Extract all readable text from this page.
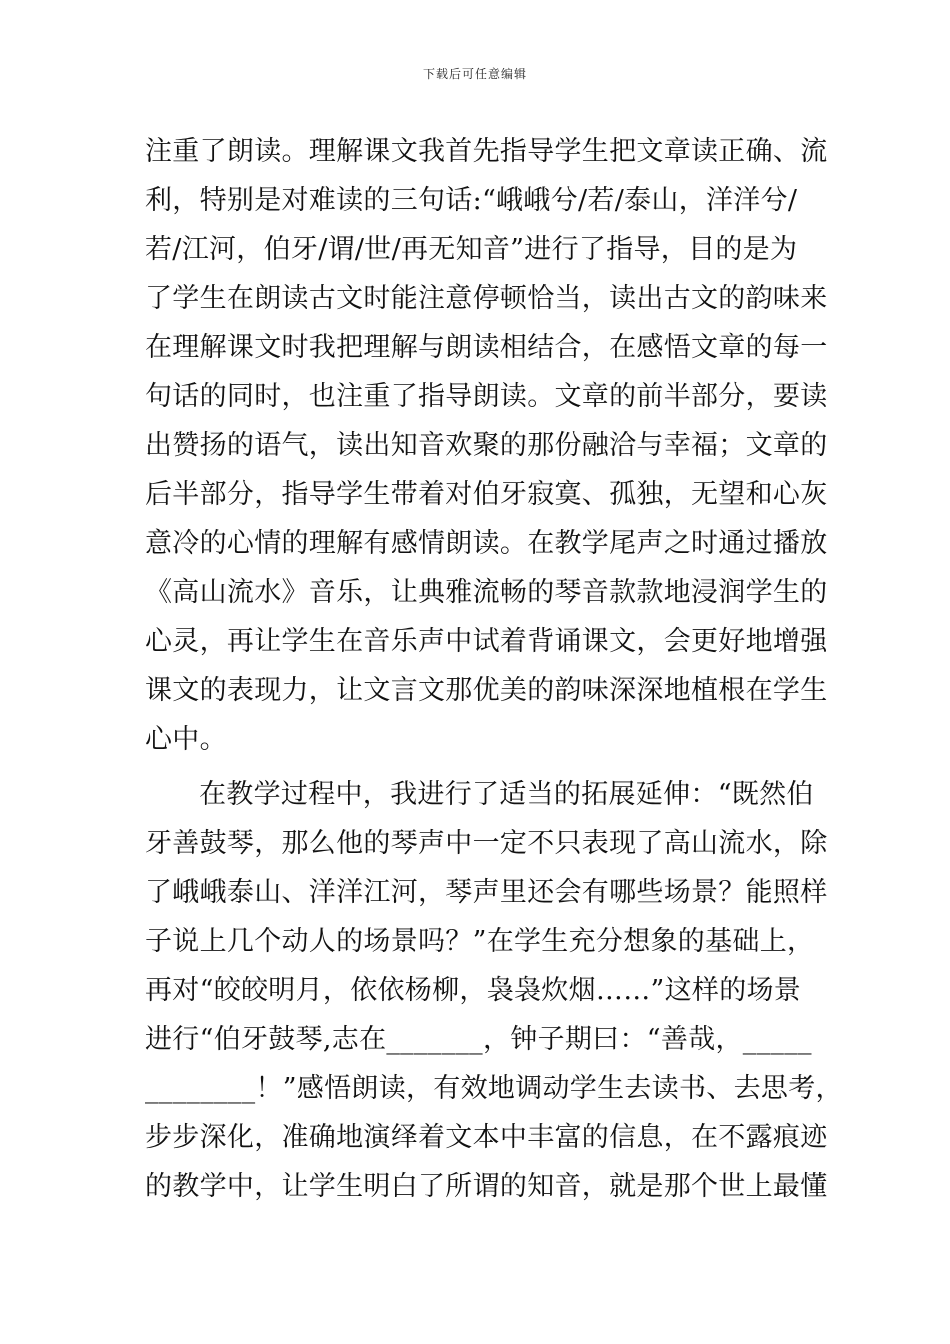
下载后可任意编辑
注重了朗读。理解课文我首先指导学生把文章读正确、流
利，特别是对难读的三句话:“峨峨兮/若/泰山，洋洋兮/
若/江河，伯牙/谓/世/再无知音”进行了指导，目的是为
了学生在朗读古文时能注意停顿恰当，读出古文的韵味来
在理解课文时我把理解与朗读相结合，在感悟文章的每一
句话的同时，也注重了指导朗读。文章的前半部分，要读
出赞扬的语气，读出知音欢聚的那份融洽与幸福；文章的
后半部分，指导学生带着对伯牙寂寞、孤独，无望和心灰
意冷的心情的理解有感情朗读。在教学尾声之时通过播放
《高山流水》音乐，让典雅流畅的琴音款款地浸润学生的
心灵，再让学生在音乐声中试着背诵课文，会更好地增强
课文的表现力，让文言文那优美的韵味深深地植根在学生
心中。
在教学过程中，我进行了适当的拓展延伸：“既然伯
牙善鼓琴，那么他的琴声中一定不只表现了高山流水，除
了峨峨泰山、洋洋江河，琴声里还会有哪些场景？能照样
子说上几个动人的场景吗？”在学生充分想象的基础上，
再对“皎皎明月，依依杨柳，袅袅炊烟……”这样的场景
进行“伯牙鼓琴,志在_______，钟子期曰：“善哉，_____
________！”感悟朗读，有效地调动学生去读书、去思考，
步步深化，准确地演绎着文本中丰富的信息，在不露痕迹
的教学中，让学生明白了所谓的知音，就是那个世上最懂
